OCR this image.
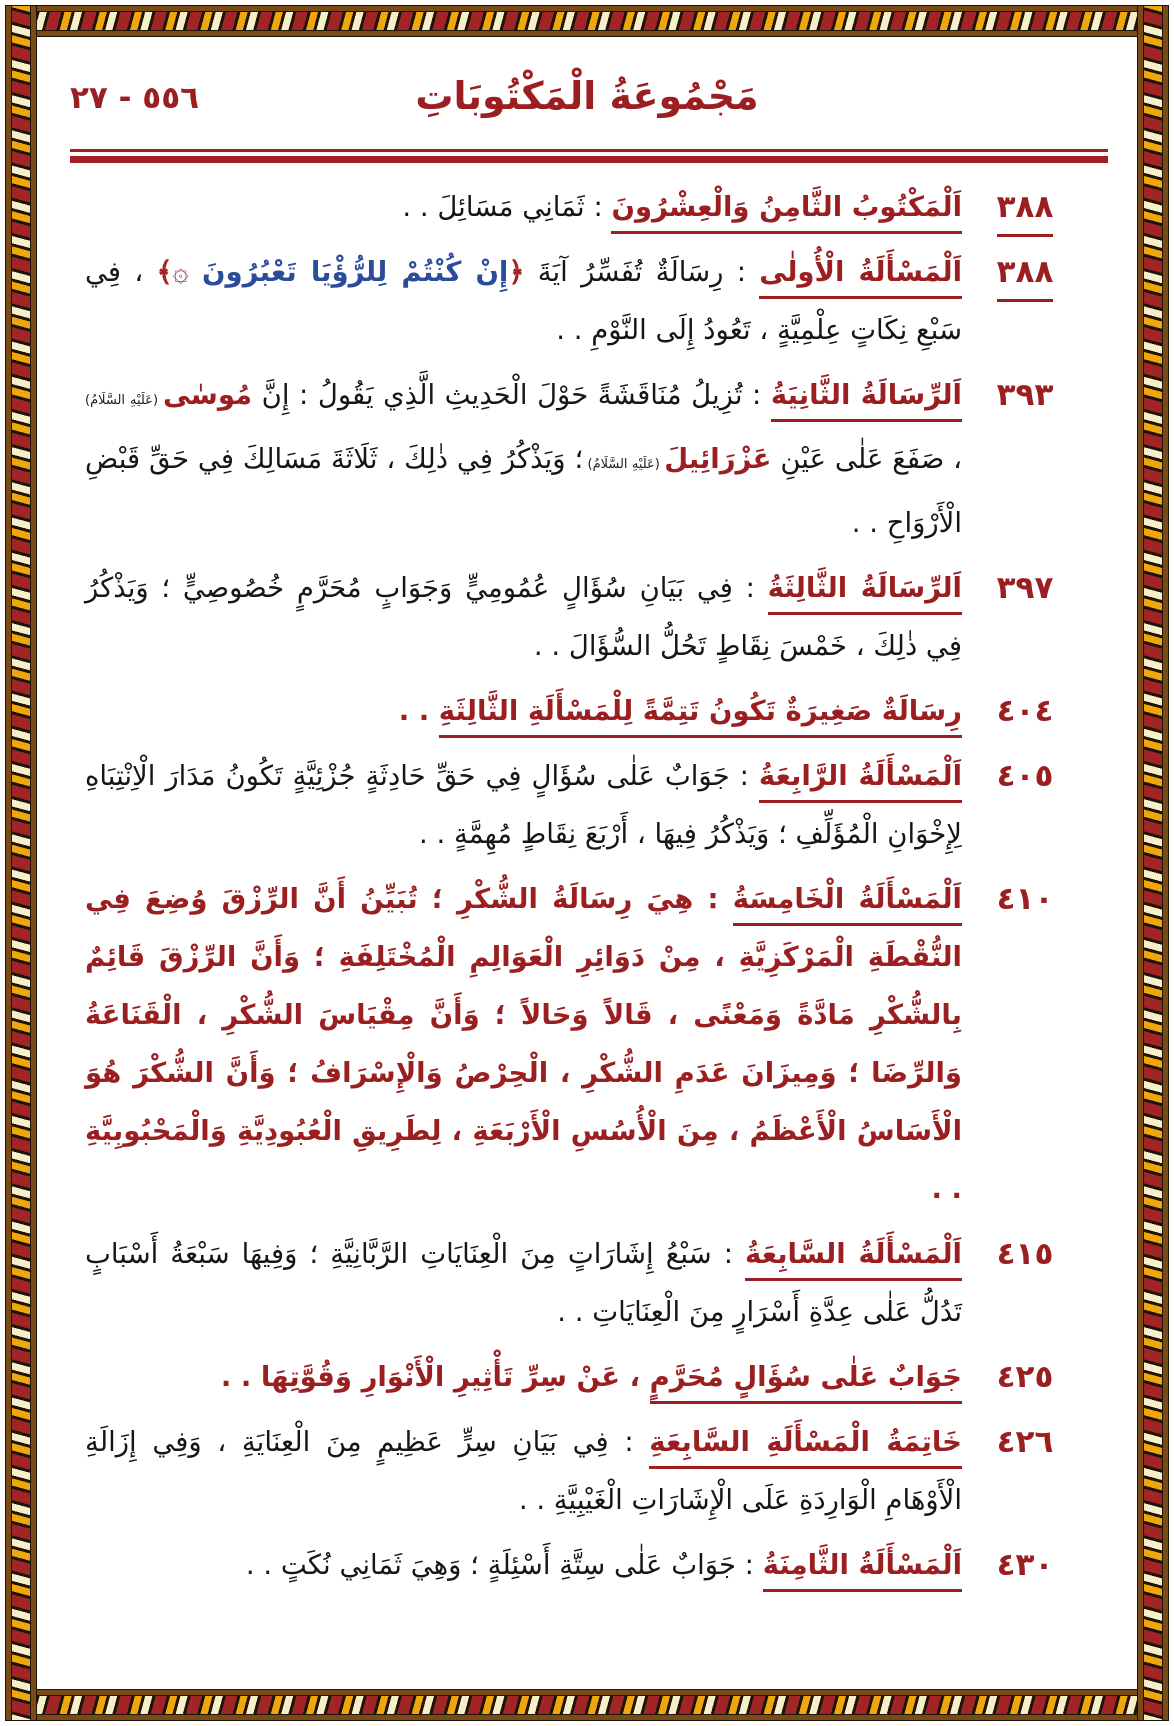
مَجْمُوعَةُ الْمَكْتُوبَاتِ
٥٥٦ - ٢٧
٣٨٨
اَلْمَكْتُوبُ الثَّامِنُ وَالْعِشْرُونَ : ثَمَانِي مَسَائِلَ . .
٣٨٨
اَلْمَسْأَلَةُ الْأُولٰى : رِسَالَةٌ تُفَسِّرُ آيَةَ ﴿إِنْ كُنْتُمْ لِلرُّؤْيَا تَعْبُرُونَ ۞﴾ ، فِي سَبْعِ نِكَاتٍ عِلْمِيَّةٍ ، تَعُودُ إِلَى النَّوْمِ . .
٣٩٣
اَلرِّسَالَةُ الثَّانِيَةُ : تُزِيلُ مُنَاقَشَةً حَوْلَ الْحَدِيثِ الَّذِي يَقُولُ : إِنَّ مُوسٰى (عَلَيْهِ السَّلَامُ) ، صَفَعَ عَلٰى عَيْنِ عَزْرَائِيلَ (عَلَيْهِ السَّلَامُ) ؛ وَيَذْكُرُ فِي ذٰلِكَ ، ثَلَاثَةَ مَسَالِكَ فِي حَقِّ قَبْضِ الْأَرْوَاحِ . .
٣٩٧
اَلرِّسَالَةُ الثَّالِثَةُ : فِي بَيَانِ سُؤَالٍ عُمُومِيٍّ وَجَوَابٍ مُحَرَّمٍ خُصُوصِيٍّ ؛ وَيَذْكُرُ فِي ذٰلِكَ ، خَمْسَ نِقَاطٍ تَحُلُّ السُّؤَالَ . .
٤٠٤
رِسَالَةٌ صَغِيرَةٌ تَكُونُ تَتِمَّةً لِلْمَسْأَلَةِ الثَّالِثَةِ . .
٤٠٥
اَلْمَسْأَلَةُ الرَّابِعَةُ : جَوَابٌ عَلٰى سُؤَالٍ فِي حَقِّ حَادِثَةٍ جُزْئِيَّةٍ تَكُونُ مَدَارَ الْاِنْتِبَاهِ لِإِخْوَانِ الْمُؤَلِّفِ ؛ وَيَذْكُرُ فِيهَا ، أَرْبَعَ نِقَاطٍ مُهِمَّةٍ . .
٤١٠
اَلْمَسْأَلَةُ الْخَامِسَةُ : هِيَ رِسَالَةُ الشُّكْرِ ؛ تُبَيِّنُ أَنَّ الرِّزْقَ وُضِعَ فِي النُّقْطَةِ الْمَرْكَزِيَّةِ ، مِنْ دَوَائِرِ الْعَوَالِمِ الْمُخْتَلِفَةِ ؛ وَأَنَّ الرِّزْقَ قَائِمٌ بِالشُّكْرِ مَادَّةً وَمَعْنًى ، قَالاً وَحَالاً ؛ وَأَنَّ مِقْيَاسَ الشُّكْرِ ، الْقَنَاعَةُ وَالرِّضَا ؛ وَمِيزَانَ عَدَمِ الشُّكْرِ ، الْحِرْصُ وَالْإِسْرَافُ ؛ وَأَنَّ الشُّكْرَ هُوَ الْأَسَاسُ الْأَعْظَمُ ، مِنَ الْأُسُسِ الْأَرْبَعَةِ ، لِطَرِيقِ الْعُبُودِيَّةِ وَالْمَحْبُوبِيَّةِ . .
٤١٥
اَلْمَسْأَلَةُ السَّابِعَةُ : سَبْعُ إِشَارَاتٍ مِنَ الْعِنَايَاتِ الرَّبَّانِيَّةِ ؛ وَفِيهَا سَبْعَةُ أَسْبَابٍ تَدُلُّ عَلٰى عِدَّةِ أَسْرَارٍ مِنَ الْعِنَايَاتِ . .
٤٢٥
جَوَابٌ عَلٰى سُؤَالٍ مُحَرَّمٍ ، عَنْ سِرِّ تَأْثِيرِ الْأَنْوَارِ وَقُوَّتِهَا . .
٤٢٦
خَاتِمَةُ الْمَسْأَلَةِ السَّابِعَةِ : فِي بَيَانِ سِرٍّ عَظِيمٍ مِنَ الْعِنَايَةِ ، وَفِي إِزَالَةِ الْأَوْهَامِ الْوَارِدَةِ عَلَى الْإِشَارَاتِ الْغَيْبِيَّةِ . .
٤٣٠
اَلْمَسْأَلَةُ الثَّامِنَةُ : جَوَابٌ عَلٰى سِتَّةِ أَسْئِلَةٍ ؛ وَهِيَ ثَمَانِي نُكَتٍ . .
